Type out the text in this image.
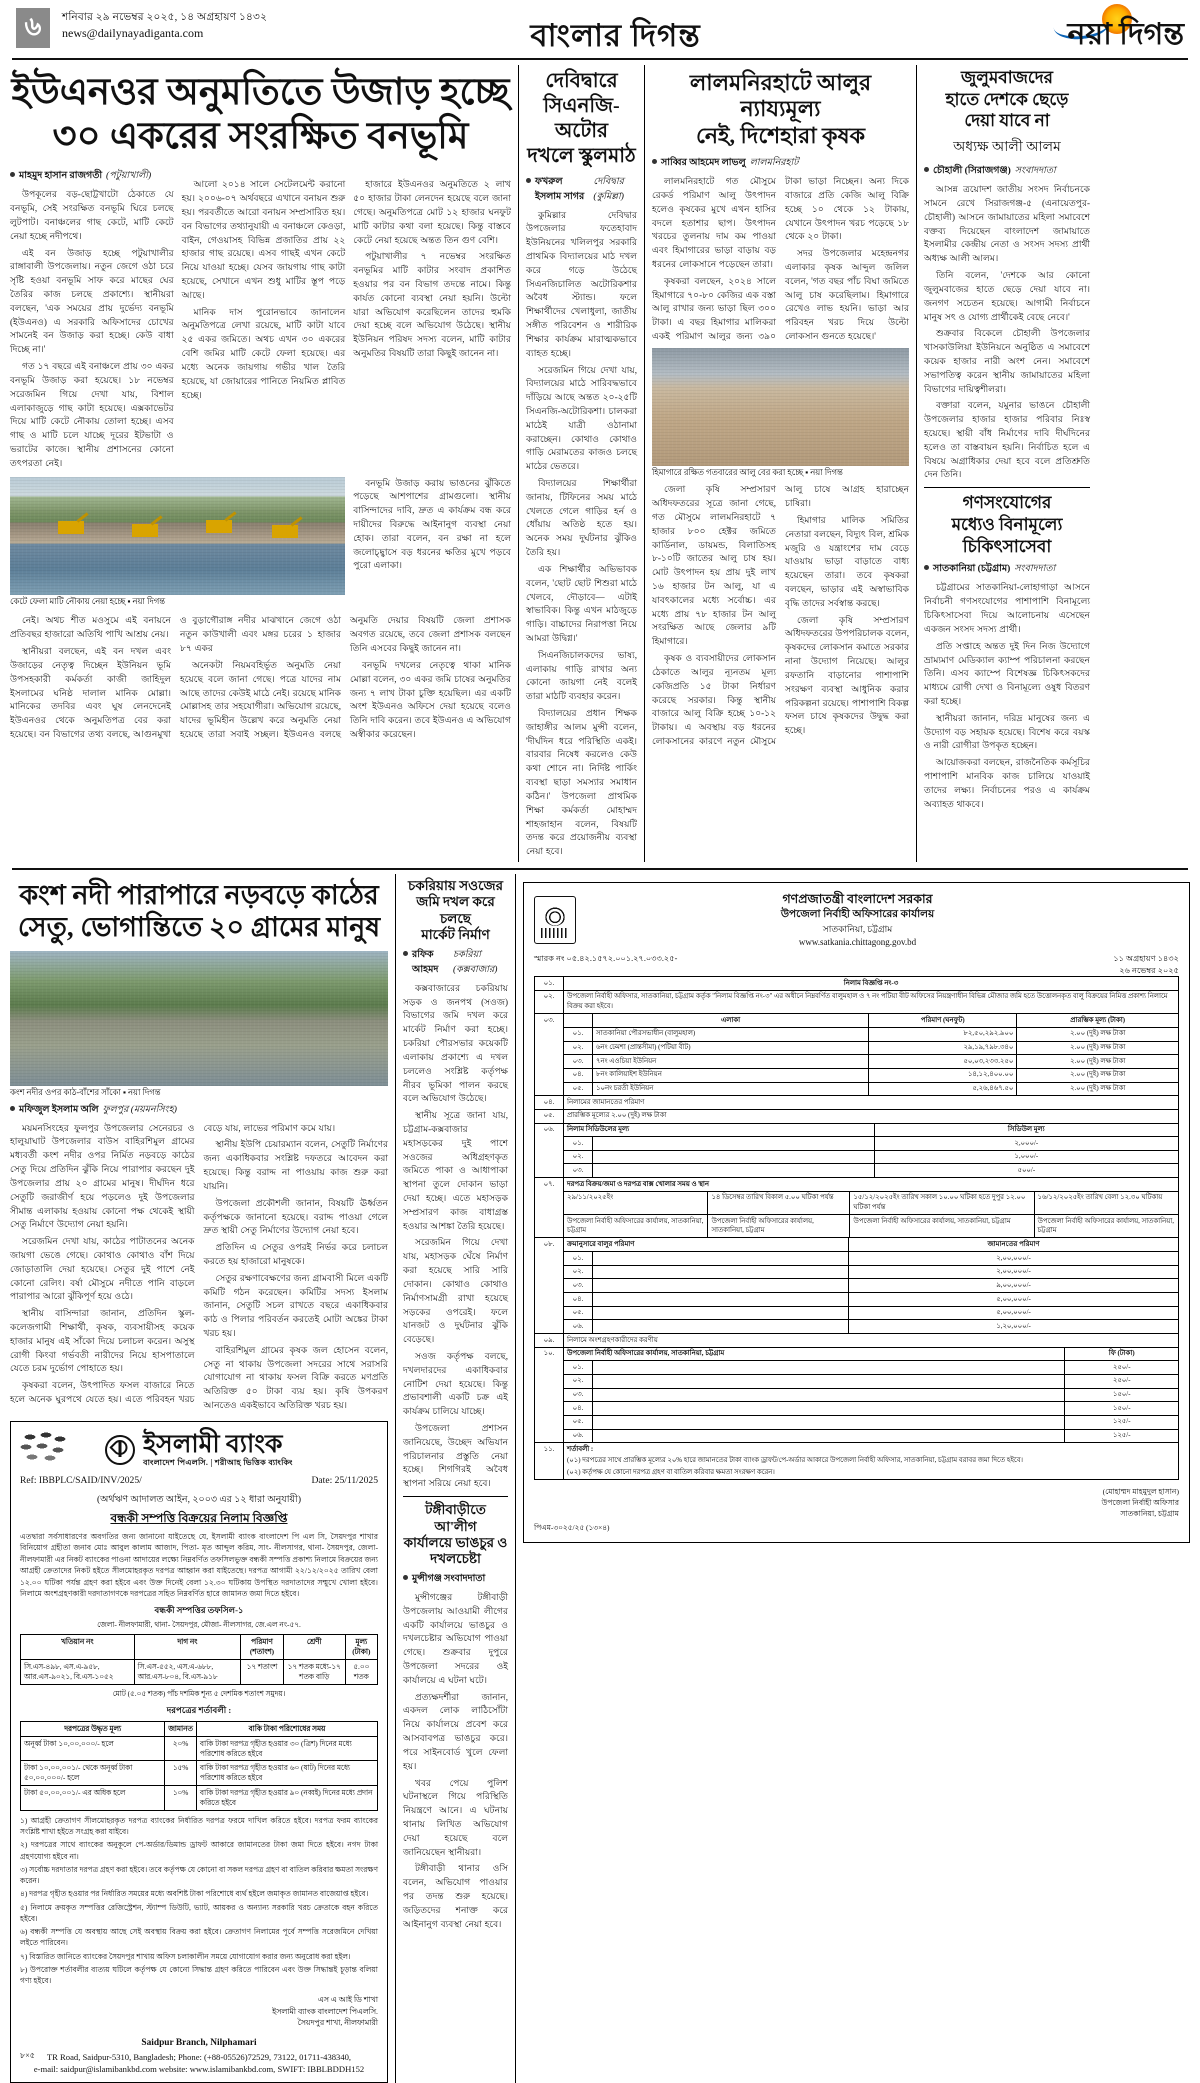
৬	শনিবার ২৯ নভেম্বর ২০২৫, ১৪ অগ্রহায়ণ ১৪৩২
news@dailynayadiganta.com	বাংলার দিগন্ত	নয়া দিগন্ত
ইউএনওর অনুমতিতে উজাড় হচ্ছে
৩০ একরের সংরক্ষিত বনভূমি
মাহমুদ হাসান রাজগতী (পটুয়াখালী)

উপকূলের বড়-ছোট্টখাটো ঠেকাতে যে বনভূমি, সেই সংরক্ষিত বনভূমি ঘিরে চলছে লুটপাট। বনাঞ্চলের গাছ কেটে, মাটি কেটে নেয়া হচ্ছে নদীপথে।

এই বন উজাড় হচ্ছে পটুয়াখালীর রাঙ্গাবালী উপজেলায়। নতুন জেগে ওঠা চরে সৃষ্টি হওয়া বনভূমি সাফ করে মাছের ঘের তৈরির কাজ চলছে প্রকাশ্যে। স্থানীয়রা বলছেন, 'এক সময়ের প্রায় দুর্ভেদ্য বনভূমি (ইউএনও) এ সরকারি অফিসাদের চোখের সামনেই বন উজাড় করা হচ্ছে। কেউ বাধা দিচ্ছে না।'

গত ১৭ বছরে এই বনাঞ্চলে প্রায় ৩০ একর বনভূমি উজাড় করা হয়েছে। ১৮ নভেম্বর সরেজমিন গিয়ে দেখা যায়, বিশাল এলাকাজুড়ে গাছ কাটা হয়েছে। এক্সকাভেটর দিয়ে মাটি কেটে নৌকায় তোলা হচ্ছে। এসব গাছ ও মাটি চলে যাচ্ছে দূরের ইটভাটা ও ভরাটের কাজে। স্থানীয় প্রশাসনের কোনো তৎপরতা নেই।

আলো ২০১৪ সালে সেটেলমেন্ট করানো হয়। ২০০৬-০৭ অর্থবছরে এখানে বনায়ন শুরু হয়। পরবর্তীতে আরো বনায়ন সম্প্রসারিত হয়। বন বিভাগের তথ্যানুযায়ী এ বনাঞ্চলে কেওড়া, বাইন, গেওয়াসহ বিভিন্ন প্রজাতির প্রায় ২২ হাজার গাছ রয়েছে। এসব গাছই এখন কেটে নিয়ে যাওয়া হচ্ছে। যেসব জায়গায় গাছ কাটা হয়েছে, সেখানে এখন শুধু মাটির স্তূপ পড়ে আছে।

মানিক দাস পুরোনভাবে জানালেন অনুমতিপত্রে লেখা রয়েছে, মাটি কাটা যাবে ২৫ একর জমিতে। অথচ এখন ৩০ একরের বেশি জমির মাটি কেটে ফেলা হয়েছে। এর মধ্যে অনেক জায়গায় গভীর খাল তৈরি হয়েছে, যা জোয়ারের পানিতে নিয়মিত প্লাবিত হচ্ছে।

হাজারে ইউএনওর অনুমতিতে ২ লাখ ৫০ হাজার টাকা লেনদেন হয়েছে বলে জানা গেছে। অনুমতিপত্রে মোট ১২ হাজার ঘনফুট মাটি কাটার কথা বলা হয়েছে। কিন্তু বাস্তবে কেটে নেয়া হয়েছে অন্তত তিন গুণ বেশি।

পটুয়াখালীর ৭ নভেম্বর সংরক্ষিত বনভূমির মাটি কাটার সংবাদ প্রকাশিত হওয়ার পর বন বিভাগ তদন্তে নামে। কিন্তু কার্যত কোনো ব্যবস্থা নেয়া হয়নি। উল্টো যারা অভিযোগ করেছিলেন তাদের হুমকি দেয়া হচ্ছে বলে অভিযোগ উঠেছে। স্থানীয় ইউনিয়ন পরিষদ সদস্য বলেন, মাটি কাটার অনুমতির বিষয়টি তারা কিছুই জানেন না।

কেটে ফেলা মাটি নৌকায় নেয়া হচ্ছে ▪ নয়া দিগন্ত

বনভূমি উজাড় করায় ভাঙনের ঝুঁকিতে পড়েছে আশপাশের গ্রামগুলো। স্থানীয় বাসিন্দাদের দাবি, দ্রুত এ কার্যক্রম বন্ধ করে দায়ীদের বিরুদ্ধে আইনানুগ ব্যবস্থা নেয়া হোক। তারা বলেন, বন রক্ষা না হলে জলোচ্ছ্বাসে বড় ধরনের ক্ষতির মুখে পড়বে পুরো এলাকা।

নেই। অথচ শীত মওসুমে এই বনায়নে প্রতিবছর হাজারো অতিথি পাখি আশ্রয় নেয়।

স্থানীয়রা বলছেন, এই বন দখল এবং উজাড়ের নেতৃত্ব দিচ্ছেন ইউনিয়ন ভূমি উপসহকারী কর্মকর্তা কাজী জাহিদুল ইসলামের ঘনিষ্ঠ দালাল মানিক মোল্লা। মানিকের তদবির এবং ঘুষ লেনদেনেই ইউএনওর থেকে অনুমতিপত্র বের করা হয়েছে। বন বিভাগের তথ্য বলছে, আগুনমুখা ও বুড়াগৌরাঙ্গ নদীর মাঝখানে জেগে ওঠা নতুন কাউখালী এবং মঙ্গর চরের ১ হাজার ৮৭ একর

অনেকটা নিয়মবহির্ভূত অনুমতি নেয়া হয়েছে বলে জানা গেছে। পত্রে যাদের নাম আছে তাদের কেউই মাঠে নেই। রয়েছে মানিক মোল্লাসহ তার সহযোগীরা। অভিযোগ রয়েছে, যাদের ভূমিহীন উল্লেখ করে অনুমতি নেয়া হয়েছে তারা সবাই সচ্ছল। ইউএনও বলছে অনুমতি দেয়ার বিষয়টি জেলা প্রশাসক অবগত রয়েছে, তবে জেলা প্রশাসক বলছেন তিনি এসবের কিছুই জানেন না।

বনভূমি দখলের নেতৃত্বে থাকা মানিক মোল্লা বলেন, ৩০ একর জমি চাষের অনুমতির জন্য ৭ লাখ টাকা চুক্তি হয়েছিল। এর একটি অংশ ইউএনও অফিসে দেয়া হয়েছে বলেও তিনি দাবি করেন। তবে ইউএনও এ অভিযোগ অস্বীকার করেছেন।

দেবিদ্বারে
সিএনজি-অটোর
দখলে স্কুলমাঠ
ফখরুল ইসলাম সাগর
দেবিদ্বার (কুমিল্লা)

কুমিল্লার দেবিদ্বার উপজেলার ফতেহাবাদ ইউনিয়নের খলিলপুর সরকারি প্রাথমিক বিদ্যালয়ের মাঠ দখল করে গড়ে উঠেছে সিএনজিচালিত অটোরিকশার অবৈধ স্ট্যান্ড। ফলে শিক্ষার্থীদের খেলাধুলা, জাতীয় সঙ্গীত পরিবেশন ও শারীরিক শিক্ষার কার্যক্রম মারাত্মকভাবে ব্যাহত হচ্ছে।

সরেজমিন গিয়ে দেখা যায়, বিদ্যালয়ের মাঠে সারিবদ্ধভাবে দাঁড়িয়ে আছে অন্তত ২০-২৫টি সিএনজি-অটোরিকশা। চালকরা মাঠেই যাত্রী ওঠানামা করাচ্ছেন। কোথাও কোথাও গাড়ি মেরামতের কাজও চলছে মাঠের ভেতরে।

বিদ্যালয়ের শিক্ষার্থীরা জানায়, টিফিনের সময় মাঠে খেলতে গেলে গাড়ির হর্ন ও ধোঁয়ায় অতিষ্ঠ হতে হয়। অনেক সময় দুর্ঘটনার ঝুঁকিও তৈরি হয়।

এক শিক্ষার্থীর অভিভাবক বলেন, 'ছোট ছোট শিশুরা মাঠে খেলবে, দৌড়াবে— এটাই স্বাভাবিক। কিন্তু এখন মাঠজুড়ে গাড়ি। বাচ্চাদের নিরাপত্তা নিয়ে আমরা উদ্বিগ্ন।'

সিএনজিচালকদের ভাষ্য, এলাকায় গাড়ি রাখার অন্য কোনো জায়গা নেই বলেই তারা মাঠটি ব্যবহার করেন।

বিদ্যালয়ের প্রধান শিক্ষক জাহাঙ্গীর আলম মুন্সী বলেন, 'দীর্ঘদিন ধরে পরিস্থিতি একই। বারবার নিষেধ করলেও কেউ কথা শোনে না। নির্দিষ্ট পার্কিং ব্যবস্থা ছাড়া সমস্যার সমাধান কঠিন।' উপজেলা প্রাথমিক শিক্ষা কর্মকর্তা মোহাম্মদ শাহজাহান বলেন, বিষয়টি তদন্ত করে প্রয়োজনীয় ব্যবস্থা নেয়া হবে।

লালমনিরহাটে আলুর ন্যায্যমূল্য
নেই, দিশেহারা কৃষক
সাব্বির আহমেদ লাভলু লালমনিরহাট

লালমনিরহাটে গত মৌসুমে রেকর্ড পরিমাণ আলু উৎপাদন হলেও কৃষকের মুখে এখন হাসির বদলে হতাশার ছাপ। উৎপাদন খরচের তুলনায় দাম কম পাওয়া এবং হিমাগারের ভাড়া বাড়ায় বড় ধরনের লোকসানে পড়েছেন তারা।

কৃষকরা বলছেন, ২০২৪ সালে হিমাগারে ৭০-৮০ কেজির এক বস্তা আলু রাখার জন্য ভাড়া ছিল ৩০০ টাকা। এ বছর হিমাগার মালিকরা একই পরিমাণ আলুর জন্য ৩৯০ টাকা ভাড়া নিচ্ছেন। অন্য দিকে বাজারে প্রতি কেজি আলু বিক্রি হচ্ছে ১০ থেকে ১২ টাকায়, যেখানে উৎপাদন খরচ পড়েছে ১৮ থেকে ২০ টাকা।

সদর উপজেলার মহেন্দ্রনগর এলাকার কৃষক আব্দুল জলিল বলেন, 'গত বছর পাঁচ বিঘা জমিতে আলু চাষ করেছিলাম। হিমাগারে রেখেও লাভ হয়নি। ভাড়া আর পরিবহন খরচ দিয়ে উল্টো লোকসান গুনতে হয়েছে।'

হিমাগারে রক্ষিত গতবারের আলু বের করা হচ্ছে ▪ নয়া দিগন্ত

জেলা কৃষি সম্প্রসারণ অধিদফতরের সূত্রে জানা গেছে, গত মৌসুমে লালমনিরহাটে ৭ হাজার ৮০০ হেক্টর জমিতে কার্ডিনাল, ডায়মন্ড, বিলাতিসহ ৮-১০টি জাতের আলু চাষ হয়। মোট উৎপাদন হয় প্রায় দুই লাখ ১৬ হাজার টন আলু, যা এ যাবৎকালের মধ্যে সর্বোচ্চ। এর মধ্যে প্রায় ৭৮ হাজার টন আলু সংরক্ষিত আছে জেলার ৯টি হিমাগারে।

কৃষক ও ব্যবসায়ীদের লোকসান ঠেকাতে আলুর ন্যূনতম মূল্য কেজিপ্রতি ১৫ টাকা নির্ধারণ করেছে সরকার। কিন্তু স্থানীয় বাজারে আলু বিক্রি হচ্ছে ১০-১২ টাকায়। এ অবস্থায় বড় ধরনের লোকসানের কারণে নতুন মৌসুমে আলু চাষে আগ্রহ হারাচ্ছেন চাষিরা।

হিমাগার মালিক সমিতির নেতারা বলছেন, বিদ্যুৎ বিল, শ্রমিক মজুরি ও যন্ত্রাংশের দাম বেড়ে যাওয়ায় ভাড়া বাড়াতে বাধ্য হয়েছেন তারা। তবে কৃষকরা বলছেন, ভাড়ার এই অস্বাভাবিক বৃদ্ধি তাদের সর্বস্বান্ত করছে।

জেলা কৃষি সম্প্রসারণ অধিদফতরের উপপরিচালক বলেন, কৃষকদের লোকসান কমাতে সরকার নানা উদ্যোগ নিয়েছে। আলুর রফতানি বাড়ানোর পাশাপাশি সংরক্ষণ ব্যবস্থা আধুনিক করার পরিকল্পনা রয়েছে। পাশাপাশি বিকল্প ফসল চাষে কৃষকদের উদ্বুদ্ধ করা হচ্ছে।

জুলুমবাজদের
হাতে দেশকে ছেড়ে
দেয়া যাবে না
অধ্যক্ষ আলী আলম
চৌহালী (সিরাজগঞ্জ) সংবাদদাতা

আসন্ন ত্রয়োদশ জাতীয় সংসদ নির্বাচনকে সামনে রেখে সিরাজগঞ্জ-৫ (এনায়েতপুর-চৌহালী) আসনে জামায়াতের মহিলা সমাবেশে বক্তব্য দিয়েছেন বাংলাদেশ জামায়াতে ইসলামীর কেন্দ্রীয় নেতা ও সংসদ সদস্য প্রার্থী অধ্যক্ষ আলী আলম।

তিনি বলেন, 'দেশকে আর কোনো জুলুমবাজের হাতে ছেড়ে দেয়া যাবে না। জনগণ সচেতন হয়েছে। আগামী নির্বাচনে মানুষ সৎ ও যোগ্য প্রার্থীকেই বেছে নেবে।'

শুক্রবার বিকেলে চৌহালী উপজেলার খাসকাউলিয়া ইউনিয়নে অনুষ্ঠিত এ সমাবেশে কয়েক হাজার নারী অংশ নেন। সমাবেশে সভাপতিত্ব করেন স্থানীয় জামায়াতের মহিলা বিভাগের দায়িত্বশীলরা।

বক্তারা বলেন, যমুনার ভাঙনে চৌহালী উপজেলার হাজার হাজার পরিবার নিঃস্ব হয়েছে। স্থায়ী বাঁধ নির্মাণের দাবি দীর্ঘদিনের হলেও তা বাস্তবায়ন হয়নি। নির্বাচিত হলে এ বিষয়ে অগ্রাধিকার দেয়া হবে বলে প্রতিশ্রুতি দেন তিনি।

গণসংযোগের
মধ্যেও বিনামূল্যে
চিকিৎসাসেবা
সাতকানিয়া (চট্টগ্রাম) সংবাদদাতা

চট্টগ্রামের সাতকানিয়া-লোহাগাড়া আসনে নির্বাচনী গণসংযোগের পাশাপাশি বিনামূল্যে চিকিৎসাসেবা দিয়ে আলোচনায় এসেছেন একজন সংসদ সদস্য প্রার্থী।

প্রতি সপ্তাহে অন্তত দুই দিন নিজ উদ্যোগে ভ্রাম্যমাণ মেডিক্যাল ক্যাম্প পরিচালনা করছেন তিনি। এসব ক্যাম্পে বিশেষজ্ঞ চিকিৎসকদের মাধ্যমে রোগী দেখা ও বিনামূল্যে ওষুধ বিতরণ করা হচ্ছে।

স্থানীয়রা জানান, দরিদ্র মানুষের জন্য এ উদ্যোগ বড় সহায়ক হয়েছে। বিশেষ করে বয়স্ক ও নারী রোগীরা উপকৃত হচ্ছেন।

আয়োজকরা বলছেন, রাজনৈতিক কর্মসূচির পাশাপাশি মানবিক কাজ চালিয়ে যাওয়াই তাদের লক্ষ্য। নির্বাচনের পরও এ কার্যক্রম অব্যাহত থাকবে।

কংশ নদী পারাপারে নড়বড়ে কাঠের
সেতু, ভোগান্তিতে ২০ গ্রামের মানুষ
কংশ নদীর ওপর কাঠ-বাঁশের সাঁকো ▪ নয়া দিগন্ত
মফিজুল ইসলাম অলি ফুলপুর (ময়মনসিংহ)

ময়মনসিংহের ফুলপুর উপজেলার সেনেরচর ও হালুয়াঘাট উপজেলার বাউস বাহিরশিমুল গ্রামের মধ্যবর্তী কংশ নদীর ওপর নির্মিত নড়বড়ে কাঠের সেতু দিয়ে প্রতিদিন ঝুঁকি নিয়ে পারাপার করছেন দুই উপজেলার প্রায় ২০ গ্রামের মানুষ। দীর্ঘদিন ধরে সেতুটি জরাজীর্ণ হয়ে পড়লেও দুই উপজেলার সীমান্ত এলাকায় হওয়ায় কোনো পক্ষ থেকেই স্থায়ী সেতু নির্মাণে উদ্যোগ নেয়া হয়নি।

সরেজমিন দেখা যায়, কাঠের পাটাতনের অনেক জায়গা ভেঙে গেছে। কোথাও কোথাও বাঁশ দিয়ে জোড়াতালি দেয়া হয়েছে। সেতুর দুই পাশে নেই কোনো রেলিং। বর্ষা মৌসুমে নদীতে পানি বাড়লে পারাপার আরো ঝুঁকিপূর্ণ হয়ে ওঠে।

স্থানীয় বাসিন্দারা জানান, প্রতিদিন স্কুল-কলেজগামী শিক্ষার্থী, কৃষক, ব্যবসায়ীসহ কয়েক হাজার মানুষ এই সাঁকো দিয়ে চলাচল করেন। অসুস্থ রোগী কিংবা গর্ভবতী নারীদের নিয়ে হাসপাতালে যেতে চরম দুর্ভোগ পোহাতে হয়।

কৃষকরা বলেন, উৎপাদিত ফসল বাজারে নিতে হলে অনেক ঘুরপথে যেতে হয়। এতে পরিবহন খরচ বেড়ে যায়, লাভের পরিমাণ কমে যায়।

স্থানীয় ইউপি চেয়ারম্যান বলেন, সেতুটি নির্মাণের জন্য একাধিকবার সংশ্লিষ্ট দফতরে আবেদন করা হয়েছে। কিন্তু বরাদ্দ না পাওয়ায় কাজ শুরু করা যায়নি।

উপজেলা প্রকৌশলী জানান, বিষয়টি ঊর্ধ্বতন কর্তৃপক্ষকে জানানো হয়েছে। বরাদ্দ পাওয়া গেলে দ্রুত স্থায়ী সেতু নির্মাণের উদ্যোগ নেয়া হবে।

প্রতিদিন এ সেতুর ওপরই নির্ভর করে চলাচল করতে হয় হাজারো মানুষকে।

সেতুর রক্ষণাবেক্ষণের জন্য গ্রামবাসী মিলে একটি কমিটি গঠন করেছেন। কমিটির সদস্য ইসলাম জানান, সেতুটি সচল রাখতে বছরে একাধিকবার কাঠ ও পিলার পরিবর্তন করতেই মোটা অঙ্কের টাকা খরচ হয়।

বাহিরশিমুল গ্রামের কৃষক জল হোসেন বলেন, সেতু না থাকায় উপজেলা সদরের সাথে সরাসরি যোগাযোগ না থাকায় ফসল বিক্রি করতে মণপ্রতি অতিরিক্ত ৫০ টাকা ব্যয় হয়। কৃষি উপকরণ আনতেও একইভাবে অতিরিক্ত খরচ হয়।

ইসলামী ব্যাংক
বাংলাদেশ পিএলসি. | শরীআহ ভিত্তিক ব্যাংকিং
Ref: IBBPLC/SAID/INV/2025/	Date: 25/11/2025
(অর্থঋণ আদালত আইন, ২০০৩ এর ১২ ধারা অনুযায়ী)
বন্ধকী সম্পত্তি বিক্রয়ের নিলাম বিজ্ঞপ্তি
এতদ্বারা সর্বসাধারণের অবগতির জন্য জানানো যাইতেছে যে, ইসলামী ব্যাংক বাংলাদেশ পি এল সি, সৈয়দপুর শাখার বিনিয়োগ গ্রহীতা জনাব মোঃ আবুল কালাম আজাদ, পিতা- মৃত আব্দুল করিম, সাং- নীলসাগর, থানা- সৈয়দপুর, জেলা- নীলফামারী এর নিকট ব্যাংকের পাওনা আদায়ের লক্ষ্যে নিম্নবর্ণিত তফসিলভুক্ত বন্ধকী সম্পত্তি প্রকাশ্য নিলামে বিক্রয়ের জন্য আগ্রহী ক্রেতাদের নিকট হইতে সীলমোহরকৃত দরপত্র আহ্বান করা যাইতেছে। দরপত্র আগামী ২২/১২/২০২৫ তারিখ বেলা ১২.০০ ঘটিকা পর্যন্ত গ্রহণ করা হইবে এবং উক্ত দিনেই বেলা ১২.৩০ ঘটিকায় উপস্থিত দরদাতাদের সম্মুখে খোলা হইবে। নিলামে অংশগ্রহণকারী দরদাতাগণকে দরপত্রের সহিত নিম্নবর্ণিত হারে জামানত জমা দিতে হইবে।
বন্ধকী সম্পত্তির তফসিল-১
জেলা- নীলফামারী, থানা- সৈয়দপুর, মৌজা- নীলসাগর, জে.এল নং-৫৭.
খতিয়ান নং	দাগ নং	পরিমাণ (শতাংশ)	শ্রেণী	মূল্য (টাকা)
সি.এস-৪৯৮, এস.এ-৯৫৮, আর.এস-৯০২১, বি.এস-১০৫২	সি.এস-৫৫২, এস.এ-৬৮৮, আর.এস-৮০৪, বি.এস-৯১৮	১৭ শতাংশ	১৭ শতক মধ্যে-১৭ শতক বাড়ি	৫.০০ শতক
মোট (৫.০৫ শতক) পাঁচ দশমিক শূন্য ৫ দেশমিক শতাংশ সমুদয়।
দরপত্রের শর্তাবলী :
দরপত্রের উদ্ধৃত মূল্য	জামানত	বাকি টাকা পরিশোধের সময়
অনূর্ধ্ব টাকা ১০,০০,০০০/- হলে	২০%	বাকি টাকা দরপত্র গৃহীত হওয়ার ৩০ (ত্রিশ) দিনের মধ্যে পরিশোধ করিতে হইবে
টাকা ১০,০০,০০১/- থেকে অনূর্ধ্ব টাকা ৫০,০০,০০০/- হলে	১৫%	বাকি টাকা দরপত্র গৃহীত হওয়ার ৬০ (ষাট) দিনের মধ্যে পরিশোধ করিতে হইবে
টাকা ৫০,০০,০০১/- এর অধিক হলে	১০%	বাকি টাকা দরপত্র গৃহীত হওয়ার ৯০ (নব্বই) দিনের মধ্যে প্রদান করিতে হইবে
১) আগ্রহী ক্রেতাগণ সীলমোহরকৃত দরপত্র ব্যাংকের নির্ধারিত দরপত্র ফরমে দাখিল করিতে হইবে। দরপত্র ফরম ব্যাংকের সংশ্লিষ্ট শাখা হইতে সংগ্রহ করা যাইবে।
২) দরপত্রের সাথে ব্যাংকের অনুকূলে পে-অর্ডার/ডিমান্ড ড্রাফট আকারে জামানতের টাকা জমা দিতে হইবে। নগদ টাকা গ্রহণযোগ্য হইবে না।
৩) সর্বোচ্চ দরদাতার দরপত্র গ্রহণ করা হইবে। তবে কর্তৃপক্ষ যে কোনো বা সকল দরপত্র গ্রহণ বা বাতিল করিবার ক্ষমতা সংরক্ষণ করেন।
৪) দরপত্র গৃহীত হওয়ার পর নির্ধারিত সময়ের মধ্যে অবশিষ্ট টাকা পরিশোধে ব্যর্থ হইলে জমাকৃত জামানত বাজেয়াপ্ত হইবে।
৫) নিলামে ক্রয়কৃত সম্পত্তির রেজিস্ট্রেশন, স্ট্যাম্প ডিউটি, ভ্যাট, আয়কর ও অন্যান্য সরকারি খরচ ক্রেতাকে বহন করিতে হইবে।
৬) বন্ধকী সম্পত্তি যে অবস্থায় আছে সেই অবস্থায় বিক্রয় করা হইবে। ক্রেতাগণ নিলামের পূর্বে সম্পত্তি সরেজমিনে দেখিয়া লইতে পারিবেন।
৭) বিস্তারিত জানিতে ব্যাংকের সৈয়দপুর শাখায় অফিস চলাকালীন সময়ে যোগাযোগ করার জন্য অনুরোধ করা হইল।
৮) উপরোক্ত শর্তাবলীর ব্যত্যয় ঘটিলে কর্তৃপক্ষ যে কোনো সিদ্ধান্ত গ্রহণ করিতে পারিবেন এবং উক্ত সিদ্ধান্তই চূড়ান্ত বলিয়া গণ্য হইবে।
এস এ আই ডি শাখা
ইসলামী ব্যাংক বাংলাদেশ পিএলসি.
সৈয়দপুর শাখা, নীলফামারী
৮×৫
Saidpur Branch, Nilphamari
TR Road, Saidpur-5310, Bangladesh; Phone: (+88-05526)72529, 73122, 01711-438340,
e-mail: saidpur@islamibankbd.com website: www.islamibankbd.com, SWIFT: IBBLBDDH152
চকরিয়ায় সওজের
জমি দখল করে চলছে
মার্কেট নির্মাণ
রফিক আহমদ
চকরিয়া (কক্সবাজার)

কক্সবাজারের চকরিয়ায় সড়ক ও জনপথ (সওজ) বিভাগের জমি দখল করে মার্কেট নির্মাণ করা হচ্ছে। চকরিয়া পৌরসভার কয়েকটি এলাকায় প্রকাশ্যে এ দখল চললেও সংশ্লিষ্ট কর্তৃপক্ষ নীরব ভূমিকা পালন করছে বলে অভিযোগ উঠেছে।

স্থানীয় সূত্রে জানা যায়, চট্টগ্রাম-কক্সবাজার মহাসড়কের দুই পাশে সওজের অধিগ্রহণকৃত জমিতে পাকা ও আধাপাকা স্থাপনা তুলে দোকান ভাড়া দেয়া হচ্ছে। এতে মহাসড়ক সম্প্রসারণ কাজ বাধাগ্রস্ত হওয়ার আশঙ্কা তৈরি হয়েছে।

সরেজমিন গিয়ে দেখা যায়, মহাসড়ক ঘেঁষে নির্মাণ করা হয়েছে সারি সারি দোকান। কোথাও কোথাও নির্মাণসামগ্রী রাখা হয়েছে সড়কের ওপরেই। ফলে যানজট ও দুর্ঘটনার ঝুঁকি বেড়েছে।

সওজ কর্তৃপক্ষ বলছে, দখলদারদের একাধিকবার নোটিশ দেয়া হয়েছে। কিন্তু প্রভাবশালী একটি চক্র এই কার্যক্রম চালিয়ে যাচ্ছে।

উপজেলা প্রশাসন জানিয়েছে, উচ্ছেদ অভিযান পরিচালনার প্রস্তুতি নেয়া হচ্ছে। শিগগিরই অবৈধ স্থাপনা সরিয়ে নেয়া হবে।

টঙ্গীবাড়ীতে আ'লীগ
কার্যালয়ে ভাঙচুর ও
দখলচেষ্টা
মুন্সীগঞ্জ সংবাদদাতা

মুন্সীগঞ্জের টঙ্গীবাড়ী উপজেলায় আওয়ামী লীগের একটি কার্যালয়ে ভাঙচুর ও দখলচেষ্টার অভিযোগ পাওয়া গেছে। শুক্রবার দুপুরে উপজেলা সদরের ওই কার্যালয়ে এ ঘটনা ঘটে।

প্রত্যক্ষদর্শীরা জানান, একদল লোক লাঠিসোঁটা নিয়ে কার্যালয়ে প্রবেশ করে আসবাবপত্র ভাঙচুর করে। পরে সাইনবোর্ড খুলে ফেলা হয়।

খবর পেয়ে পুলিশ ঘটনাস্থলে গিয়ে পরিস্থিতি নিয়ন্ত্রণে আনে। এ ঘটনায় থানায় লিখিত অভিযোগ দেয়া হয়েছে বলে জানিয়েছেন স্থানীয়রা।

টঙ্গীবাড়ী থানার ওসি বলেন, অভিযোগ পাওয়ার পর তদন্ত শুরু হয়েছে। জড়িতদের শনাক্ত করে আইনানুগ ব্যবস্থা নেয়া হবে।

গণপ্রজাতন্ত্রী বাংলাদেশ সরকার
উপজেলা নির্বাহী অফিসারের কার্যালয়
সাতকানিয়া, চট্টগ্রাম
www.satkania.chittagong.gov.bd
স্মারক নং ০৫.৪২.১৫৭২.০০১.২৭.০৩৩.২৫-	১১ অগ্রহায়ণ ১৪৩২
২৬ নভেম্বর ২০২৫
০১.	নিলাম বিজ্ঞপ্তি নং-৩
০২.	উপজেলা নির্বাহী অফিসার, সাতকানিয়া, চট্টগ্রাম কর্তৃক "নিলাম বিজ্ঞপ্তি নং-৩" এর অধীনে নিম্নবর্ণিত বালুমহাল ও ৭ নং পটিয়া বীট অফিসের নিয়ন্ত্রণাধীন বিভিন্ন মৌজার জমি হতে উত্তোলনকৃত বালু বিক্রয়ের নিমিত্ত প্রকাশ্য নিলামে বিক্রয় করা হইবে।
০৩.	
		এলাকা	পরিমাণ (ঘনফুট)	প্রারম্ভিক মূল্য (টাকা)
০১.	সাতকানিয়া পৌরসভাধীন (বালুমহাল)	৮২,৫০,২৯২.৯০০	২.০০ (দুই) লক্ষ টাকা
০২.	৬নং ঢেমশা (প্রান্তসীমা) (পটিয়া বীট)	২৯,১৯,৭৯৮.৩৪০	২.০০ (দুই) লক্ষ টাকা
০৩.	৭নং এওচিয়া ইউনিয়ন	৫০,০৩,২৩৩.২৫০	২.০০ (দুই) লক্ষ টাকা
০৪.	৮নং কালিয়াইশ ইউনিয়ন	১৪,১২,৪০০.০০	২.০০ (দুই) লক্ষ টাকা
০৫.	১০নং চরতী ইউনিয়ন	৫,২৬,৪৬৭.৫০	২.০০ (দুই) লক্ষ টাকা

০৪.	নিলামের জামানতের পরিমাণ
০৫.	প্রারম্ভিক মূল্যের ২.০০ (দুই) লক্ষ টাকা
০৬.	নিলাম সিডিউলের মূল্য	সিডিউল মূল্য
০১.		২,০০০/-
০২.		১,০০০/-
০৩.		৫০০/-

০৭.	দরপত্র বিক্রয়/জমা ও দরপত্র বাক্স খোলার সময় ও স্থান
২৯/১১/২০২৫ইং	১৪ ডিসেম্বর তারিখ বিকাল ৫.০০ ঘটিকা পর্যন্ত	১৫/১২/২০২৫ইং তারিখ সকাল ১০.০০ ঘটিকা হতে দুপুর ১২.০০ ঘটিকা পর্যন্ত	১৬/১২/২০২৫ইং তারিখ বেলা ১২.৩০ ঘটিকায়
উপজেলা নির্বাহী অফিসারের কার্যালয়, সাতকানিয়া, চট্টগ্রাম	উপজেলা নির্বাহী অফিসারের কার্যালয়, সাতকানিয়া, চট্টগ্রাম	উপজেলা নির্বাহী অফিসারের কার্যালয়, সাতকানিয়া, চট্টগ্রাম	উপজেলা নির্বাহী অফিসারের কার্যালয়, সাতকানিয়া, চট্টগ্রাম

০৮.	ক্রমানুসারে বালুর পরিমাণ	জামানতের পরিমাণ
০১.		২,০০,০০০/-
০২.		২,০০,০০০/-
০৩.		৯,০০,০০০/-
০৪.		৫,০০,০০০/-
০৫.		৫,০০,০০০/-
০৬.		১,২০,০০০/-

০৯.	নিলামে অংশগ্রহণকারীদের করণীয়
১০.	উপজেলা নির্বাহী অফিসারের কার্যালয়, সাতকানিয়া, চট্টগ্রাম	ফি (টাকা)
০১.		২৫০/-
০২.		২৫০/-
০৩.		১৫০/-
০৪.		১৫০/-
০৫.		১২৫/-
০৬.		১২৫/-

১১.	শর্তাবলী :
(০১) দরপত্রের সাথে প্রারম্ভিক মূল্যের ২০% হারে জামানতের টাকা ব্যাংক ড্রাফট/পে-অর্ডার আকারে উপজেলা নির্বাহী অফিসার, সাতকানিয়া, চট্টগ্রাম বরাবর জমা দিতে হইবে।
(০২) কর্তৃপক্ষ যে কোনো দরপত্র গ্রহণ বা বাতিল করিবার ক্ষমতা সংরক্ষণ করেন।
(মোহাম্মদ মাহমুদুল হাসান)
উপজেলা নির্বাহী অফিসার
সাতকানিয়া, চট্টগ্রাম
পিএম-৩০২৫/২৫ (১৩×৪)
